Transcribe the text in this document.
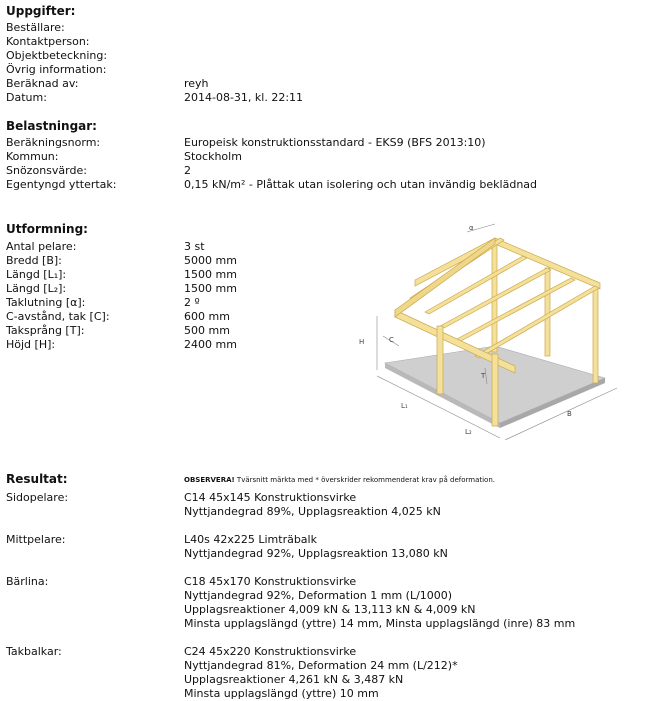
Uppgifter:
Beställare:
Kontaktperson:
Objektbeteckning:
Övrig information:
Beräknad av:	reyh
Datum:	2014-08-31, kl. 22:11
Belastningar:
Beräkningsnorm:	Europeisk konstruktionsstandard - EKS9 (BFS 2013:10)
Kommun:	Stockholm
Snözonsvärde:	2
Egentyngd yttertak:	0,15 kN/m² - Plåttak utan isolering och utan invändig beklädnad
Utformning:
Antal pelare:	3 st
Bredd [B]:	5000 mm
Längd [L₁]:	1500 mm
Längd [L₂]:	1500 mm
Taklutning [α]:	2 º
C-avstånd, tak [C]:	600 mm
Taksprång [T]:	500 mm
Höjd [H]:	2400 mm
α
H	C
T
L₁
L₂
B
Resultat:	OBSERVERA! Tvärsnitt märkta med * överskrider rekommenderat krav på deformation.
Sidopelare:	C14 45x145 Konstruktionsvirke
Nyttjandegrad 89%, Upplagsreaktion 4,025 kN
Mittpelare:	L40s 42x225 Limträbalk
Nyttjandegrad 92%, Upplagsreaktion 13,080 kN
Bärlina:	C18 45x170 Konstruktionsvirke
Nyttjandegrad 92%, Deformation 1 mm (L/1000)
Upplagsreaktioner 4,009 kN & 13,113 kN & 4,009 kN
Minsta upplagslängd (yttre) 14 mm, Minsta upplagslängd (inre) 83 mm
Takbalkar:	C24 45x220 Konstruktionsvirke
Nyttjandegrad 81%, Deformation 24 mm (L/212)*
Upplagsreaktioner 4,261 kN & 3,487 kN
Minsta upplagslängd (yttre) 10 mm
